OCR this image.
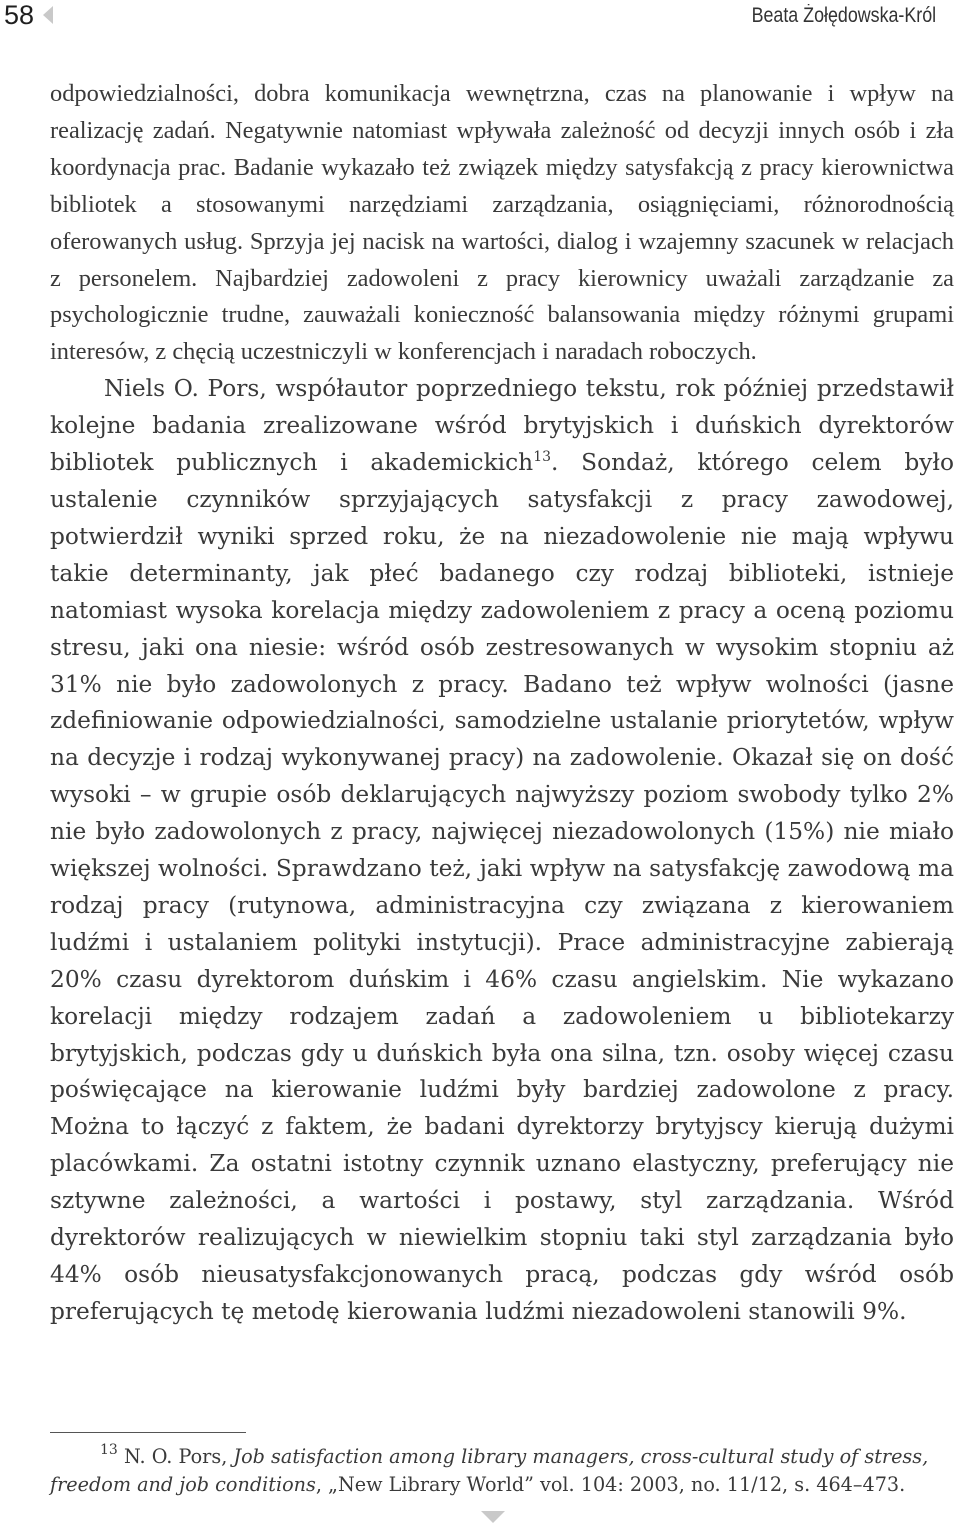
58	Beata Żołędowska-Król

odpowiedzialności, dobra komunikacja wewnętrzna, czas na planowanie i wpływ na realizację zadań. Negatywnie natomiast wpływała zależność od decyzji innych osób i zła koordynacja prac. Badanie wykazało też związek między satysfakcją z pracy kierownictwa bibliotek a stosowanymi narzędziami zarządzania, osiągnięciami, różnorodnością oferowanych usług. Sprzyja jej nacisk na wartości, dialog i wzajemny szacunek w relacjach z personelem. Najbardziej zadowoleni z pracy kierownicy uważali zarządzanie za psychologicznie trudne, zauważali konieczność balansowania między różnymi grupami interesów, z chęcią uczestniczyli w konferencjach i naradach roboczych.

Niels O. Pors, współautor poprzedniego tekstu, rok później przedstawił kolejne badania zrealizowane wśród brytyjskich i duńskich dyrektorów bibliotek publicznych i akademickich$^{13}$. Sondaż, którego celem było ustalenie czynników sprzyjających satysfakcji z pracy zawodowej, potwierdził wyniki sprzed roku, że na niezadowolenie nie mają wpływu takie determinanty, jak płeć badanego czy rodzaj biblioteki, istnieje natomiast wysoka korelacja między zadowoleniem z pracy a oceną poziomu stresu, jaki ona niesie: wśród osób zestresowanych w wysokim stopniu aż 31% nie było zadowolonych z pracy. Badano też wpływ wolności (jasne zdefiniowanie odpowiedzialności, samodzielne ustalanie priorytetów, wpływ na decyzje i rodzaj wykonywanej pracy) na zadowolenie. Okazał się on dość wysoki – w grupie osób deklarujących najwyższy poziom swobody tylko 2% nie było zadowolonych z pracy, najwięcej niezadowolonych (15%) nie miało większej wolności. Sprawdzano też, jaki wpływ na satysfakcję zawodową ma rodzaj pracy (rutynowa, administracyjna czy związana z kierowaniem ludźmi i ustalaniem polityki instytucji). Prace administracyjne zabierają 20% czasu dyrektorom duńskim i 46% czasu angielskim. Nie wykazano korelacji między rodzajem zadań a zadowoleniem u bibliotekarzy brytyjskich, podczas gdy u duńskich była ona silna, tzn. osoby więcej czasu poświęcające na kierowanie ludźmi były bardziej zadowolone z pracy. Można to łączyć z faktem, że badani dyrektorzy brytyjscy kierują dużymi placówkami. Za ostatni istotny czynnik uznano elastyczny, preferujący nie sztywne zależności, a wartości i postawy, styl zarządzania. Wśród dyrektorów realizujących w niewielkim stopniu taki styl zarządzania było 44% osób nieusatysfakcjonowanych pracą, podczas gdy wśród osób preferujących tę metodę kierowania ludźmi niezadowoleni stanowili 9%.

$^{13}$ N. O. Pors, Job satisfaction among library managers, cross-cultural study of stress, freedom and job conditions, „New Library World” vol. 104: 2003, no. 11/12, s. 464–473.
